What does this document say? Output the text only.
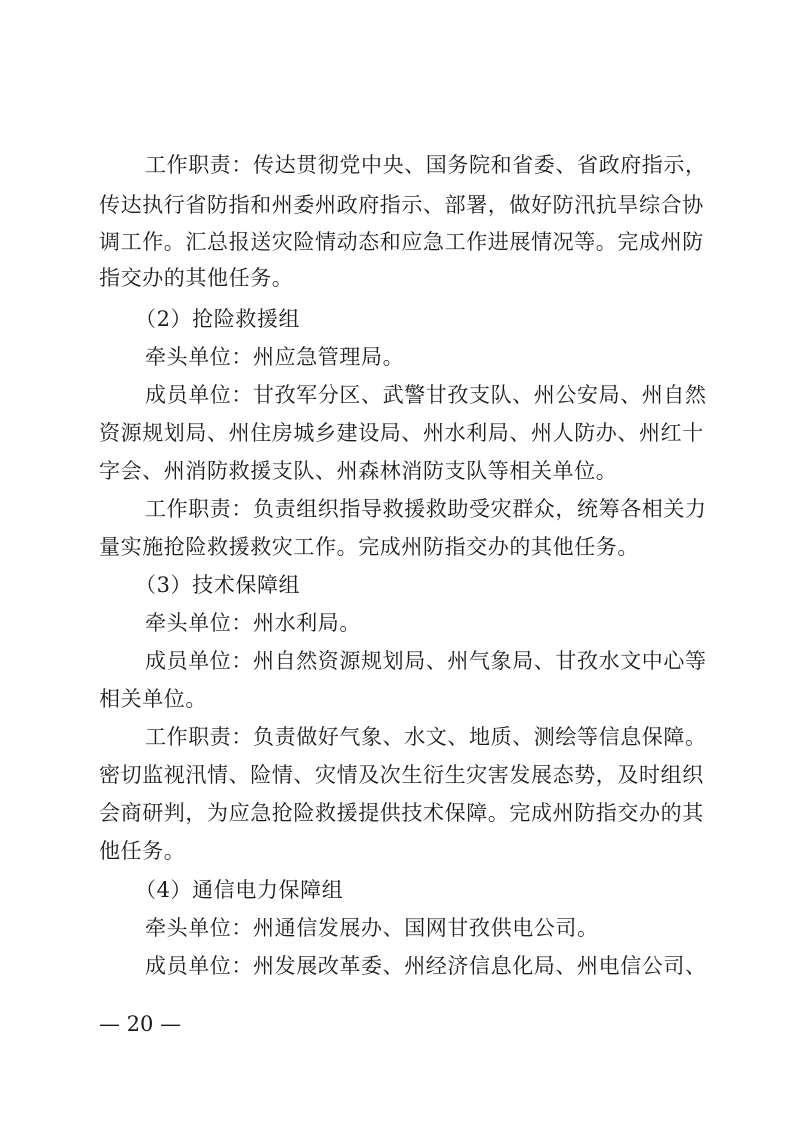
工作职责：传达贯彻党中央、国务院和省委、省政府指示，
传达执行省防指和州委州政府指示、部署，做好防汛抗旱综合协
调工作。汇总报送灾险情动态和应急工作进展情况等。完成州防
指交办的其他任务。
（2）抢险救援组
牵头单位：州应急管理局。
成员单位：甘孜军分区、武警甘孜支队、州公安局、州自然
资源规划局、州住房城乡建设局、州水利局、州人防办、州红十
字会、州消防救援支队、州森林消防支队等相关单位。
工作职责：负责组织指导救援救助受灾群众，统筹各相关力
量实施抢险救援救灾工作。完成州防指交办的其他任务。
（3）技术保障组
牵头单位：州水利局。
成员单位：州自然资源规划局、州气象局、甘孜水文中心等
相关单位。
工作职责：负责做好气象、水文、地质、测绘等信息保障。
密切监视汛情、险情、灾情及次生衍生灾害发展态势，及时组织
会商研判，为应急抢险救援提供技术保障。完成州防指交办的其
他任务。
（4）通信电力保障组
牵头单位：州通信发展办、国网甘孜供电公司。
成员单位：州发展改革委、州经济信息化局、州电信公司、
— 20 —
